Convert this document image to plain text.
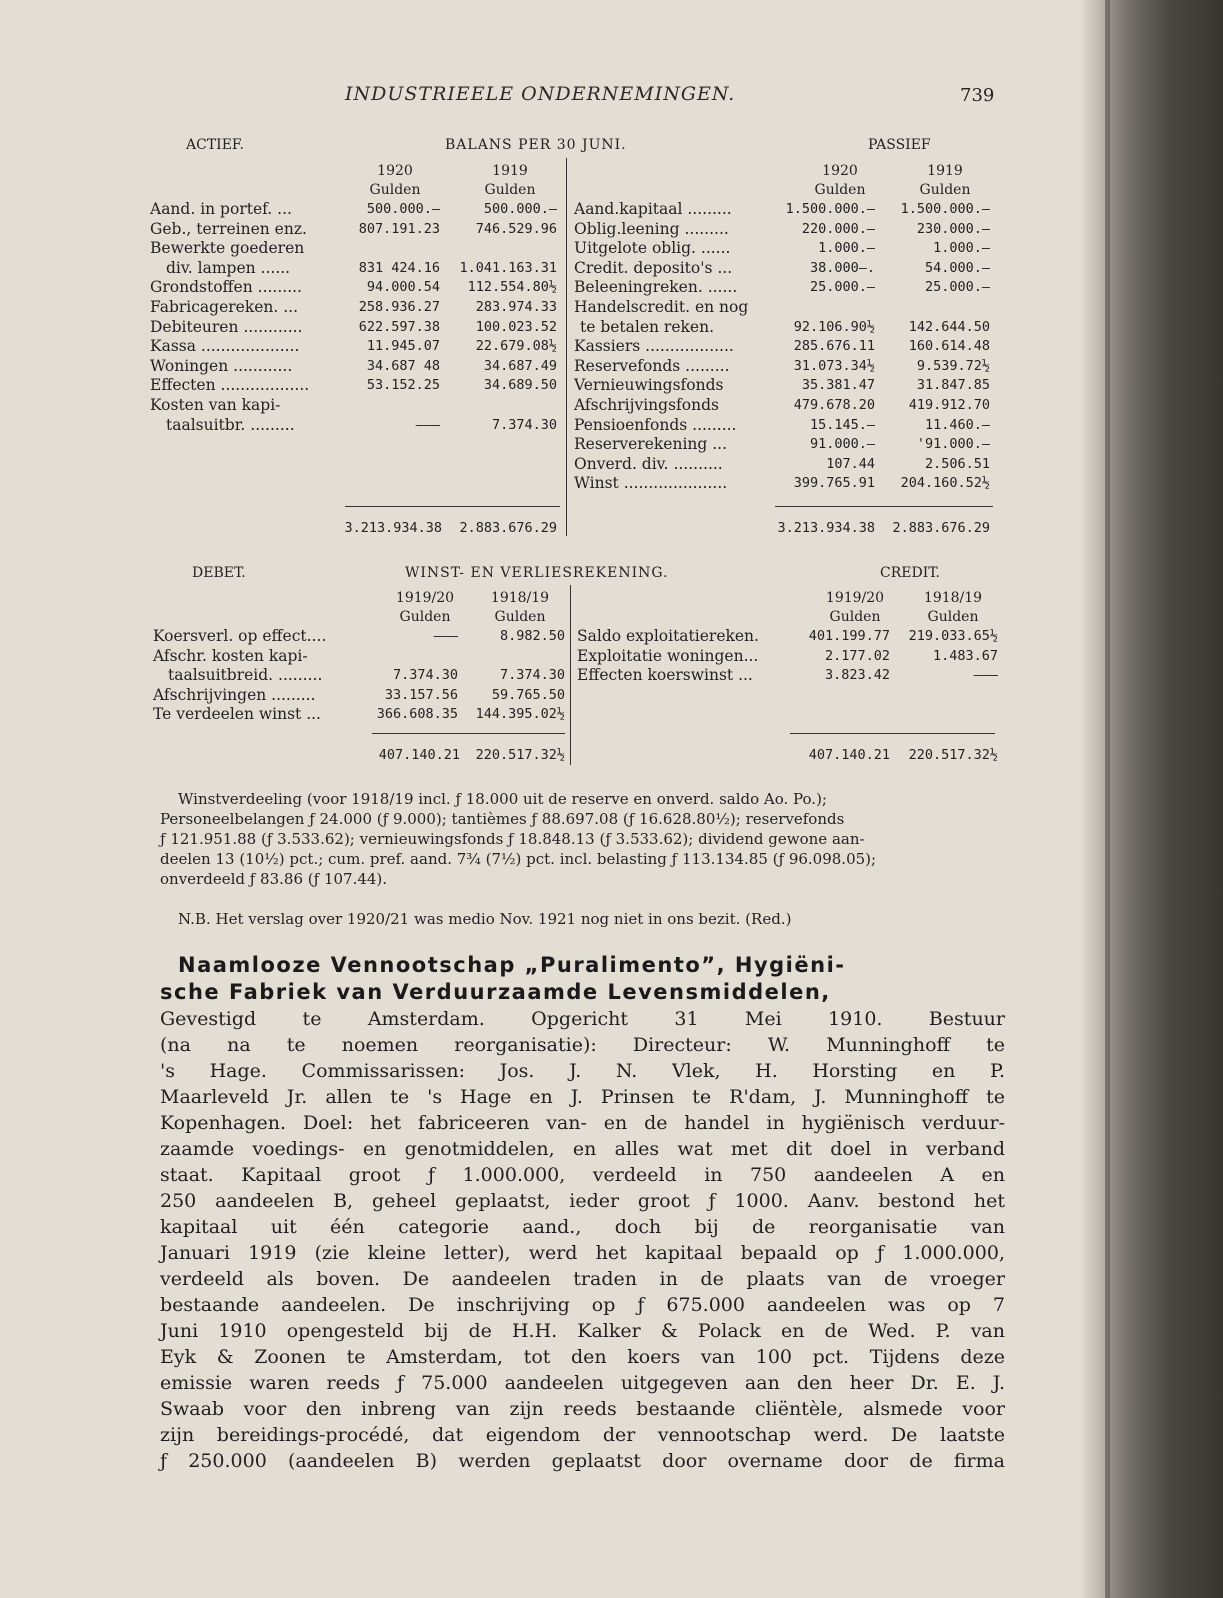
INDUSTRIEELE ONDERNEMINGEN.	739
ACTIEF.	BALANS PER 30 JUNI.	PASSIEF
1920	1919
Gulden	Gulden
1920	1919
Gulden	Gulden
Aand. in portef. ...	500.000.—	500.000.—
Geb., terreinen enz.	807.191.23	746.529.96
Bewerkte goederen
div. lampen ......	831 424.16	1.041.163.31
Grondstoffen .........	94.000.54	112.554.80½
Fabricagereken. ...	258.936.27	283.974.33
Debiteuren ............	622.597.38	100.023.52
Kassa ....................	11.945.07	22.679.08½
Woningen ............	34.687 48	34.687.49
Effecten ..................	53.152.25	34.689.50
Kosten van kapi-
taalsuitbr. .........	———	7.374.30
Aand.kapitaal .........	1.500.000.—	1.500.000.—
Oblig.leening .........	220.000.—	230.000.—
Uitgelote oblig. ......	1.000.—	1.000.—
Credit. deposito's ...	38.000—.	54.000.—
Beleeningreken. ......	25.000.—	25.000.—
Handelscredit. en nog
te betalen reken.	92.106.90½	142.644.50
Kassiers ..................	285.676.11	160.614.48
Reservefonds .........	31.073.34½	9.539.72½
Vernieuwingsfonds	35.381.47	31.847.85
Afschrijvingsfonds	479.678.20	419.912.70
Pensioenfonds .........	15.145.—	11.460.—
Reserverekening ...	91.000.—	'91.000.—
Onverd. div. ..........	107.44	2.506.51
Winst .....................	399.765.91	204.160.52½
3.213.934.38	2.883.676.29	3.213.934.38	2.883.676.29
DEBET.	WINST- EN VERLIESREKENING.	CREDIT.
1919/20	1918/19
Gulden	Gulden
1919/20	1918/19
Gulden	Gulden
Koersverl. op effect....	———	8.982.50
Afschr. kosten kapi-
taalsuitbreid. .........	7.374.30	7.374.30
Afschrijvingen .........	33.157.56	59.765.50
Te verdeelen winst ...	366.608.35	144.395.02½
Saldo exploitatiereken.	401.199.77	219.033.65½
Exploitatie woningen...	2.177.02	1.483.67
Effecten koerswinst ...	3.823.42	———
407.140.21	220.517.32½	407.140.21	220.517.32½
Winstverdeeling (voor 1918/19 incl. ƒ 18.000 uit de reserve en onverd. saldo Ao. Po.);
Personeelbelangen ƒ 24.000 (ƒ 9.000); tantièmes ƒ 88.697.08 (ƒ 16.628.80½); reservefonds
ƒ 121.951.88 (ƒ 3.533.62); vernieuwingsfonds ƒ 18.848.13 (ƒ 3.533.62); dividend gewone aan-
deelen 13 (10½) pct.; cum. pref. aand. 7¾ (7½) pct. incl. belasting ƒ 113.134.85 (ƒ 96.098.05);
onverdeeld ƒ 83.86 (ƒ 107.44).
N.B. Het verslag over 1920/21 was medio Nov. 1921 nog niet in ons bezit. (Red.)
Naamlooze Vennootschap „Puralimento”, Hygiëni-
sche Fabriek van Verduurzaamde Levensmiddelen,
Gevestigd te Amsterdam. Opgericht 31 Mei 1910. Bestuur
(na na te noemen reorganisatie): Directeur: W. Munninghoff te
's Hage. Commissarissen: Jos. J. N. Vlek, H. Horsting en P.
Maarleveld Jr. allen te 's Hage en J. Prinsen te R'dam, J. Munninghoff te
Kopenhagen. Doel: het fabriceeren van- en de handel in hygiënisch verduur-
zaamde voedings- en genotmiddelen, en alles wat met dit doel in verband
staat. Kapitaal groot ƒ 1.000.000, verdeeld in 750 aandeelen A en
250 aandeelen B, geheel geplaatst, ieder groot ƒ 1000. Aanv. bestond het
kapitaal uit één categorie aand., doch bij de reorganisatie van
Januari 1919 (zie kleine letter), werd het kapitaal bepaald op ƒ 1.000.000,
verdeeld als boven. De aandeelen traden in de plaats van de vroeger
bestaande aandeelen. De inschrijving op ƒ 675.000 aandeelen was op 7
Juni 1910 opengesteld bij de H.H. Kalker & Polack en de Wed. P. van
Eyk & Zoonen te Amsterdam, tot den koers van 100 pct. Tijdens deze
emissie waren reeds ƒ 75.000 aandeelen uitgegeven aan den heer Dr. E. J.
Swaab voor den inbreng van zijn reeds bestaande cliëntèle, alsmede voor
zijn bereidings-procédé, dat eigendom der vennootschap werd. De laatste
ƒ 250.000 (aandeelen B) werden geplaatst door overname door de firma
